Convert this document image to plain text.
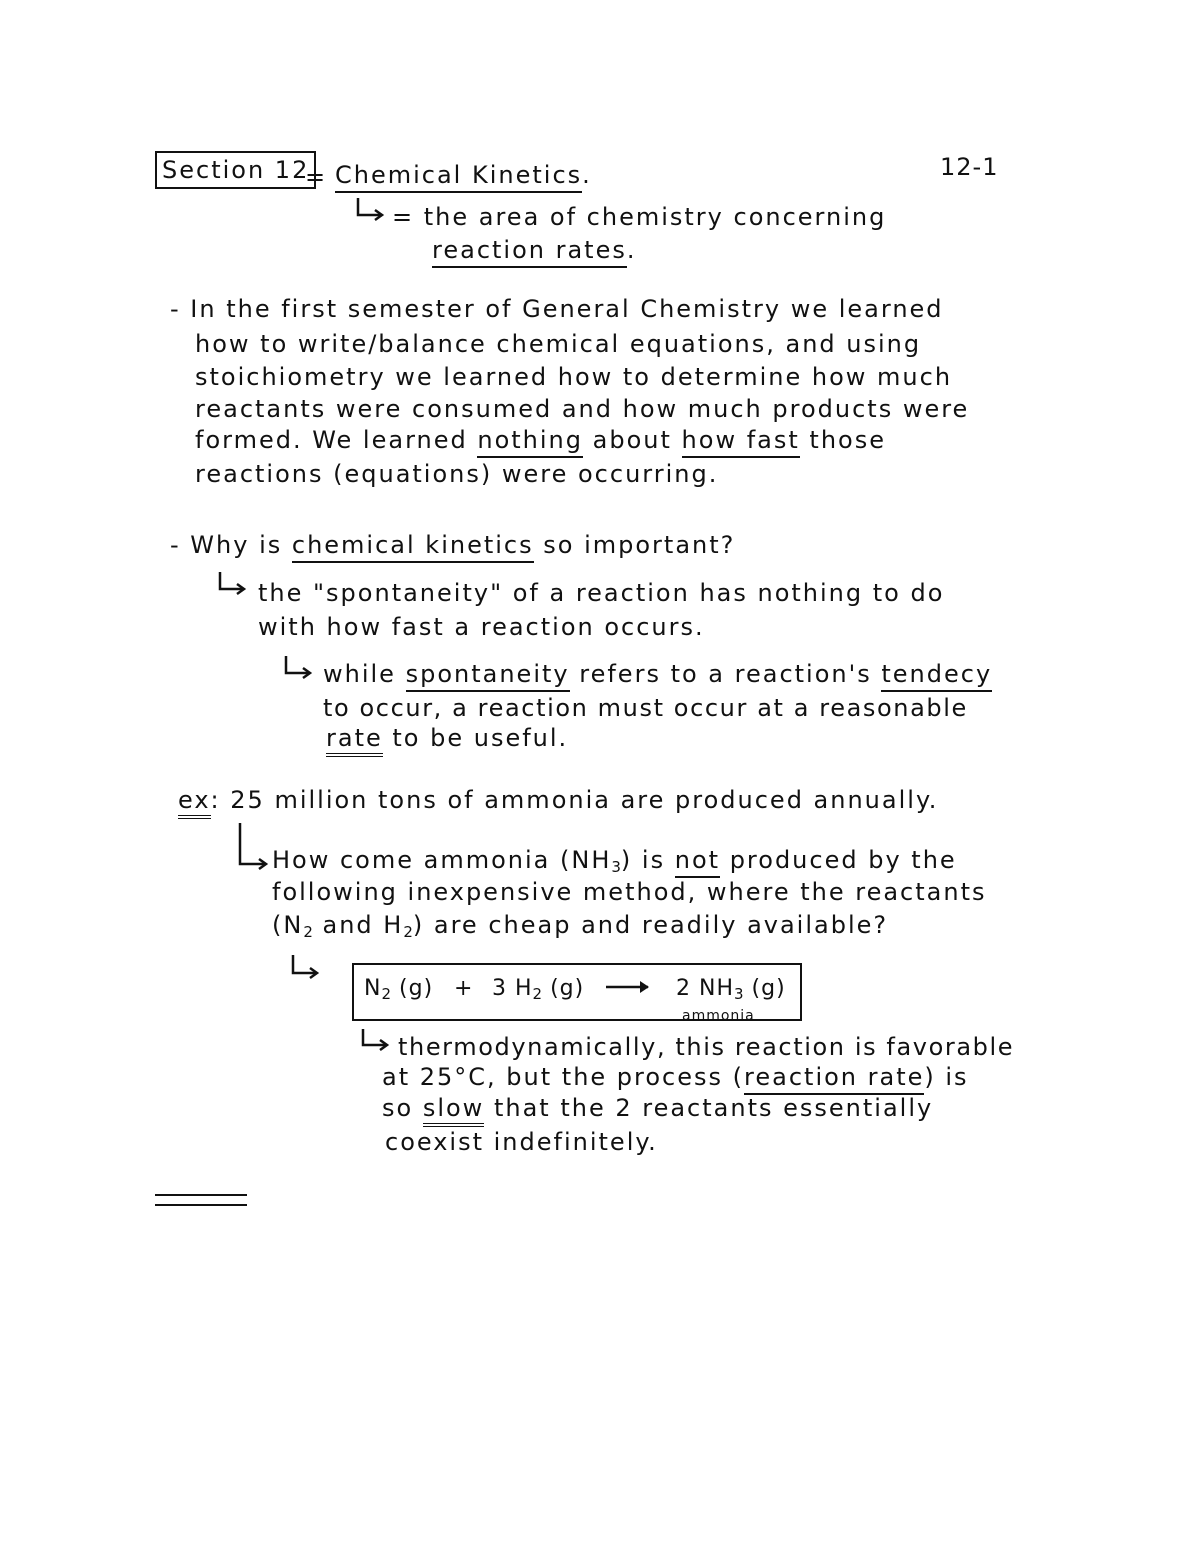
Section 12
= Chemical Kinetics.	12-1
= the area of chemistry concerning
reaction rates.
- In the first semester of General Chemistry we learned
how to write/balance chemical equations, and using
stoichiometry we learned how to determine how much
reactants were consumed and how much products were
formed. We learned nothing about how fast those
reactions (equations) were occurring.
- Why is chemical kinetics so important?
the "spontaneity" of a reaction has nothing to do
with how fast a reaction occurs.
while spontaneity refers to a reaction's tendecy
to occur, a reaction must occur at a reasonable
rate to be useful.
ex: 25 million tons of ammonia are produced annually.
How come ammonia $(NH_3)$ is not produced by the
following inexpensive method, where the reactants
($N_2$ and $H_2$) are cheap and readily available?
$N_2$ (g) + 3 $H_2$ (g)	2 $NH_3$ (g)
ammonia
thermodynamically, this reaction is favorable
at 25°C, but the process (reaction rate) is
so slow that the 2 reactants essentially
coexist indefinitely.
